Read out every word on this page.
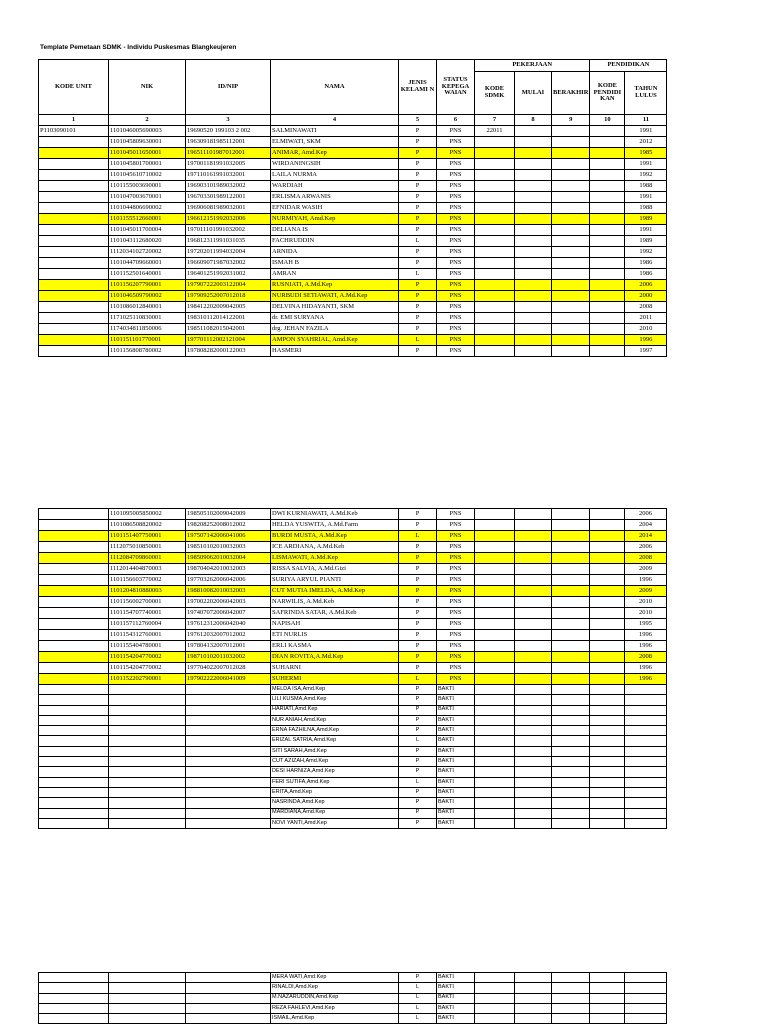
Template Pemetaan SDMK - Individu Puskesmas Blangkeujeren
KODE UNIT	NIK	ID/NIP	NAMA	JENIS KELAMI N	STATUS KEPEGA WAIAN	PEKERJAAN			PENDIDIKAN	
						KODE SDMK	MULAI	BERAKHIR	KODE PENDIDI KAN	TAHUN LULUS
1	2	3	4	5	6	7	8	9	10	11
P1103090101	1101046005690003	19690520 199103 2 002	SALMINAWATI	P	PNS	22011				1991
	1101045809630001	196309181985112001	ELMIWATI, SKM	P	PNS					2012
	1101045011650001	196511101987012001	ANIMAR, Amd.Kep	P	PNS					1985
	1101045801700001	197001181991032005	WIRDANINGSIH	P	PNS					1991
	1101045610710002	197110161991032001	LAILA NURMA	P	PNS					1992
	1101155003690001	196903101989032002	WARDIAH	P	PNS					1988
	1101047003670001	196703301989122001	ERLISMA ARWANIS	P	PNS					1991
	1101044806690002	196906081989032001	EFNIDAR WASIH	P	PNS					1988
	1101155512660001	196612151992032006	NURMIYAH, Amd.Kep	P	PNS					1989
	1101045011700004	197011101991032002	DELIANA IS	P	PNS					1991
	1101043112680020	196812311991031035	FACHRUDDIN	L	PNS					1989
	1112034102720002	197202011994032004	ARNIDA	P	PNS					1992
	1101044709660001	196609071987032002	ISMAH B	P	PNS					1986
	1101152501640001	196401251992031002	AMRAN	L	PNS					1986
	1101156207790001	197907222003122004	RUSNIATI, A.Md.Kep	P	PNS					2006
	1101046509790002	197909252007012018	NURBUDI SETIAWATI, A.Md.Kep	P	PNS					2000
	1101086012840001	198412202009042005	DELVINA HIDAYANTI, SKM	P	PNS					2008
	1171025110830001	198310112014122001	dr. EMI SURYANA	P	PNS					2011
	1174034811850006	198511082015042001	drg. JEHAN FAZILA	P	PNS					2010
	1101151101770001	197701112002121004	AMPON SYAHRIAL, Amd.Kep	L	PNS					1996
	1101156808780002	197808282000122003	HASMERI	P	PNS					1997
	1101095005850002	198505102009042009	DWI KURNIAWATI, A.Md.Keb	P	PNS					2006
	1101086508820002	198208252008012002	HELDA YUSWITA, A.Md.Farm	P	PNS					2004
	1101151407750001	197507142006041006	BURDI MUSTA, A.Md.Kep	L	PNS					2014
	1112075010850001	198510102010032003	ICE ARDIANA, A.Md.Keb	P	PNS					2006
	1112084709860001	198509062010032004	LISMAWATI, A.Md.Kep	P	PNS					2008
	1112014404870003	198704042010032003	RISSA SALVIA, A.Md.Gizi	P	PNS					2009
	1101156603770002	197703262006042006	SURIYA ARYUL PIANTI	P	PNS					1996
	1101204810880003	198810082010032003	CUT MUTIA IMELDA, A.Md.Kep	P	PNS					2009
	1101156002700001	197002202006042003	NARWILIS, A.Md.Keb	P	PNS					2010
	1101154707740001	197407072006042007	SAFRINDA SATAR, A.Md.Keb	P	PNS					2010
	1101157112760004	197612312006042040	NAPISAH	P	PNS					1995
	1101154312760001	197612032007012002	ETI NURLIS	P	PNS					1996
	1101155404780001	197804132007012001	ERLI KASMA	P	PNS					1996
	1101154204770002	198710102011032002	DIAN ROVITA,A.Md.Kep	P	PNS					2008
	1101154204770002	197704022007012028	SUHARNI	P	PNS					1996
	1101152202790001	197902222006041009	SUHERMI	L	PNS					1996
			MELDA ISA,Amd.Kep	P	BAKTI					
			LILI KUSMA,Amd.Kep	P	BAKTI					
			HARIATI,Amd.Kep	P	BAKTI					
			NUR ANIAH,Amd.Kep	P	BAKTI					
			ERNA FAZHILNA,Amd.Kep	P	BAKTI					
			ERIZAL SATRIA,Amd.Kep	L	BAKTI					
			SITI SARAH,Amd.Kep	P	BAKTI					
			CUT AZIZAH,Amd.Kep	P	BAKTI					
			DESI HARNIZA,Amd.Kep	P	BAKTI					
			FERI SUTIFA,Amd.Kep	L	BAKTI					
			ERITA,Amd.Kep	P	BAKTI					
			NASRINDA,Amd.Kep	P	BAKTI					
			MARDIANA,Amd.Kep	P	BAKTI					
			NOVI YANTI,Amd.Kep	P	BAKTI					
			MERA WATI,Amd.Kep	P	BAKTI					
			RINALDI,Amd.Kep	L	BAKTI					
			M.NAZARUDDIN,Amd.Kep	L	BAKTI					
			REZA FAHLEVI,Amd.Kep	L	BAKTI					
			ISMAIL,Amd.Kep	L	BAKTI					
